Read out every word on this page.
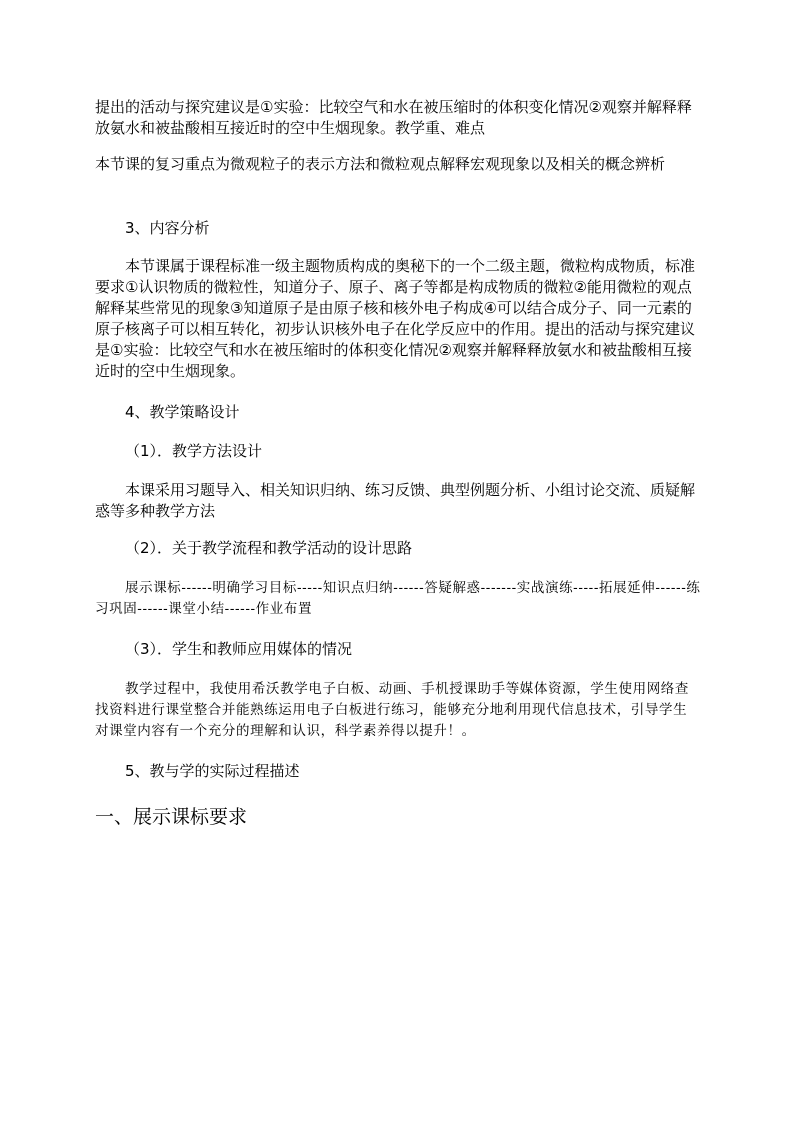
提出的活动与探究建议是①实验：比较空气和水在被压缩时的体积变化情况②观察并解释释放氨水和被盐酸相互接近时的空中生烟现象。教学重、难点

本节课的复习重点为微观粒子的表示方法和微粒观点解释宏观现象以及相关的概念辨析

3、内容分析

本节课属于课程标准一级主题物质构成的奥秘下的一个二级主题，微粒构成物质，标准要求①认识物质的微粒性，知道分子、原子、离子等都是构成物质的微粒②能用微粒的观点解释某些常见的现象③知道原子是由原子核和核外电子构成④可以结合成分子、同一元素的原子核离子可以相互转化，初步认识核外电子在化学反应中的作用。提出的活动与探究建议是①实验：比较空气和水在被压缩时的体积变化情况②观察并解释释放氨水和被盐酸相互接近时的空中生烟现象。

4、教学策略设计

（1）．教学方法设计

本课采用习题导入、相关知识归纳、练习反馈、典型例题分析、小组讨论交流、质疑解惑等多种教学方法

（2）．关于教学流程和教学活动的设计思路

展示课标------明确学习目标-----知识点归纳------答疑解惑-------实战演练-----拓展延伸------练习巩固------课堂小结------作业布置

（3）．学生和教师应用媒体的情况

教学过程中，我使用希沃教学电子白板、动画、手机授课助手等媒体资源，学生使用网络查找资料进行课堂整合并能熟练运用电子白板进行练习，能够充分地利用现代信息技术，引导学生对课堂内容有一个充分的理解和认识，科学素养得以提升！。

5、教与学的实际过程描述

一、展示课标要求
